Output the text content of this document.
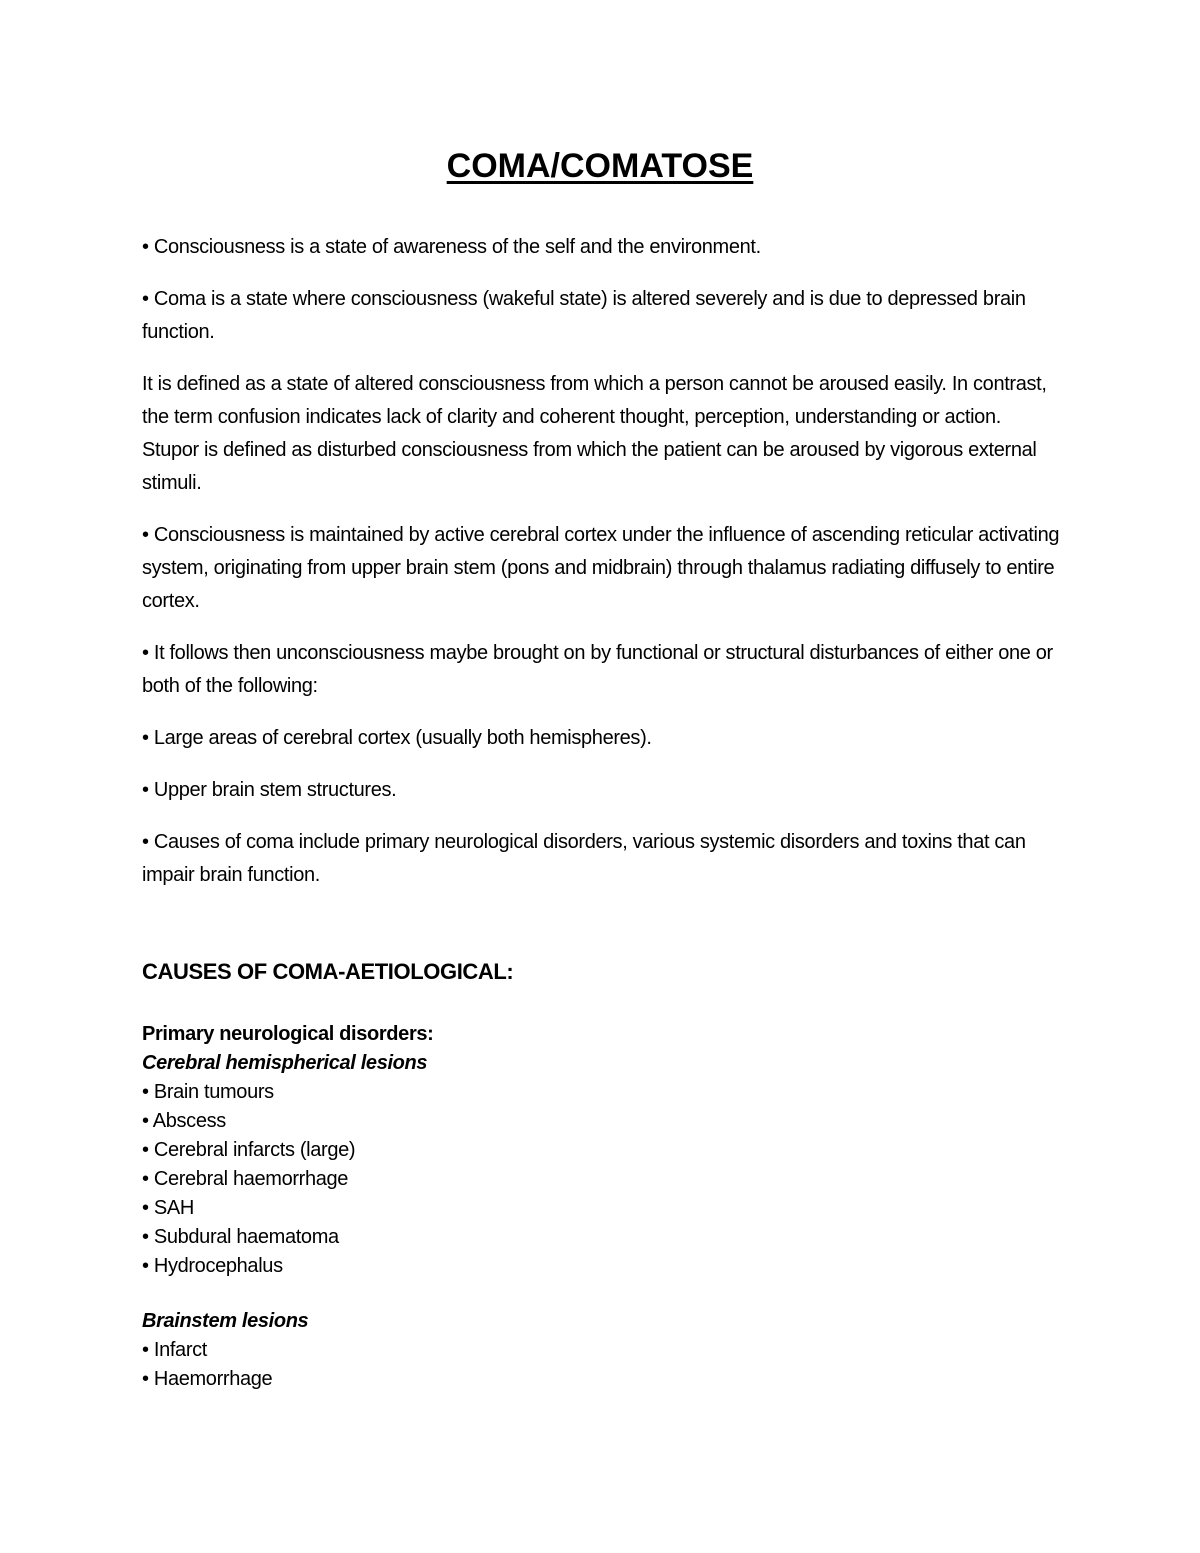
COMA/COMATOSE

• Consciousness is a state of awareness of the self and the environment.

• Coma is a state where consciousness (wakeful state) is altered severely and is due to depressed brain function.

It is defined as a state of altered consciousness from which a person cannot be aroused easily. In contrast, the term confusion indicates lack of clarity and coherent thought, perception, understanding or action. Stupor is defined as disturbed consciousness from which the patient can be aroused by vigorous external stimuli.

• Consciousness is maintained by active cerebral cortex under the influence of ascending reticular activating system, originating from upper brain stem (pons and midbrain) through thalamus radiating diffusely to entire cortex.

• It follows then unconsciousness maybe brought on by functional or structural disturbances of either one or both of the following:

• Large areas of cerebral cortex (usually both hemispheres).

• Upper brain stem structures.

• Causes of coma include primary neurological disorders, various systemic disorders and toxins that can impair brain function.

CAUSES OF COMA-AETIOLOGICAL:
Primary neurological disorders:
Cerebral hemispherical lesions
• Brain tumours
• Abscess
• Cerebral infarcts (large)
• Cerebral haemorrhage
• SAH
• Subdural haematoma
• Hydrocephalus
Brainstem lesions
• Infarct
• Haemorrhage
